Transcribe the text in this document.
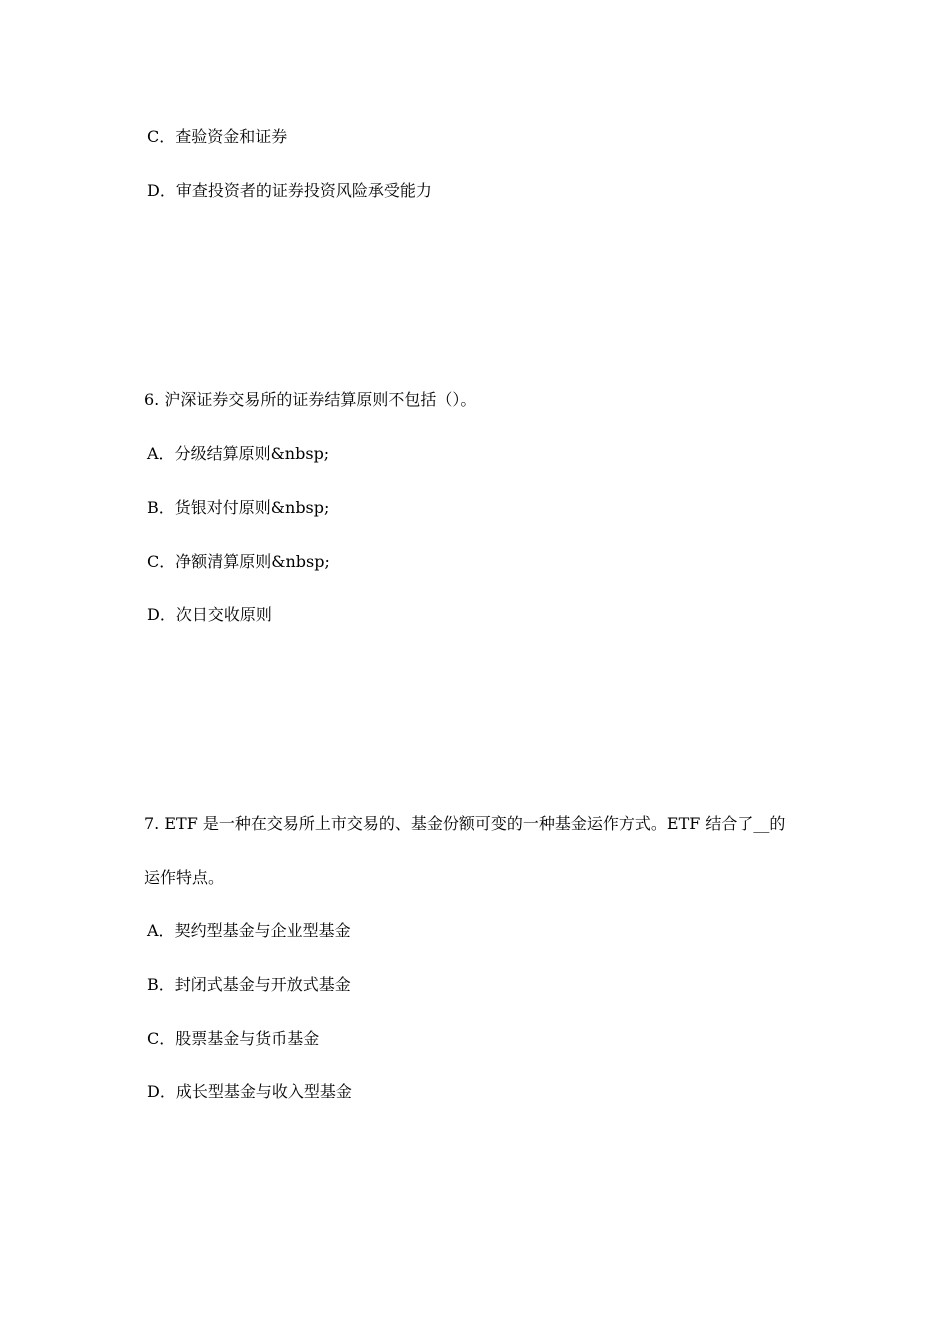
C．查验资金和证券
D．审查投资者的证券投资风险承受能力
6. 沪深证券交易所的证券结算原则不包括（）。
A．分级结算原则&nbsp;
B．货银对付原则&nbsp;
C．净额清算原则&nbsp;
D．次日交收原则
7. ETF 是一种在交易所上市交易的、基金份额可变的一种基金运作方式。ETF 结合了__的
运作特点。
A．契约型基金与企业型基金
B．封闭式基金与开放式基金
C．股票基金与货币基金
D．成长型基金与收入型基金
